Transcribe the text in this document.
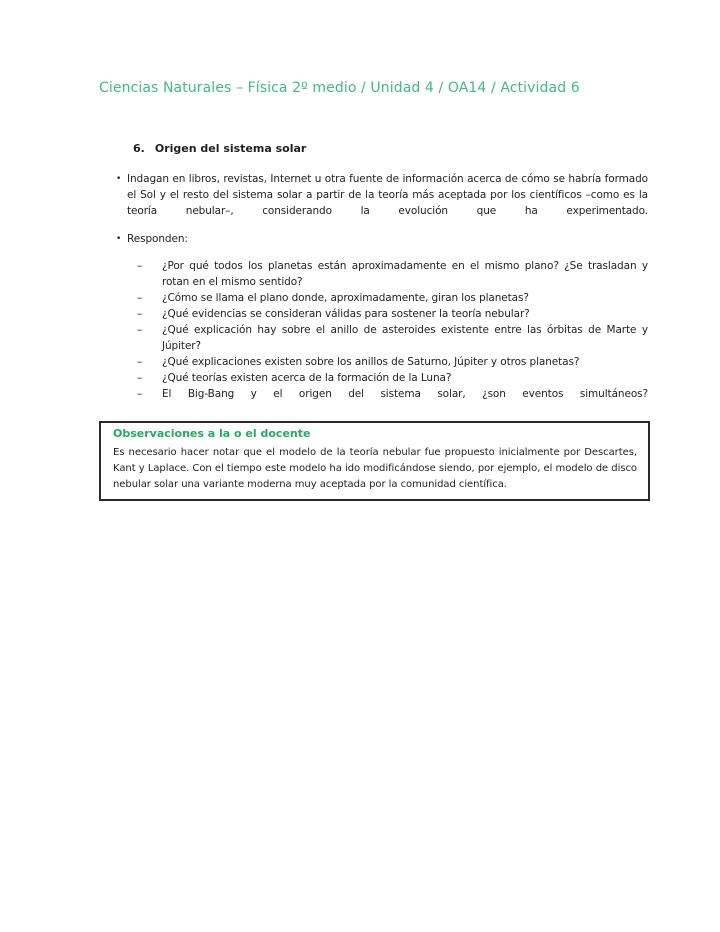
Ciencias Naturales – Física 2º medio / Unidad 4 / OA14 / Actividad 6
6. Origen del sistema solar
• Indagan en libros, revistas, Internet u otra fuente de información acerca de cómo se habría formado el Sol y el resto del sistema solar a partir de la teoría más aceptada por los científicos –como es la teoría nebular–, considerando la evolución que ha experimentado.

• Responden:

–	¿Por qué todos los planetas están aproximadamente en el mismo plano? ¿Se trasladan y rotan en el mismo sentido?

–	¿Cómo se llama el plano donde, aproximadamente, giran los planetas?

–	¿Qué evidencias se consideran válidas para sostener la teoría nebular?

–	¿Qué explicación hay sobre el anillo de asteroides existente entre las órbitas de Marte y Júpiter?

–	¿Qué explicaciones existen sobre los anillos de Saturno, Júpiter y otros planetas?

–	¿Qué teorías existen acerca de la formación de la Luna?

–	El Big-Bang y el origen del sistema solar, ¿son eventos simultáneos?

Observaciones a la o el docente

Es necesario hacer notar que el modelo de la teoría nebular fue propuesto inicialmente por Descartes, Kant y Laplace. Con el tiempo este modelo ha ido modificándose siendo, por ejemplo, el modelo de disco nebular solar una variante moderna muy aceptada por la comunidad científica.
